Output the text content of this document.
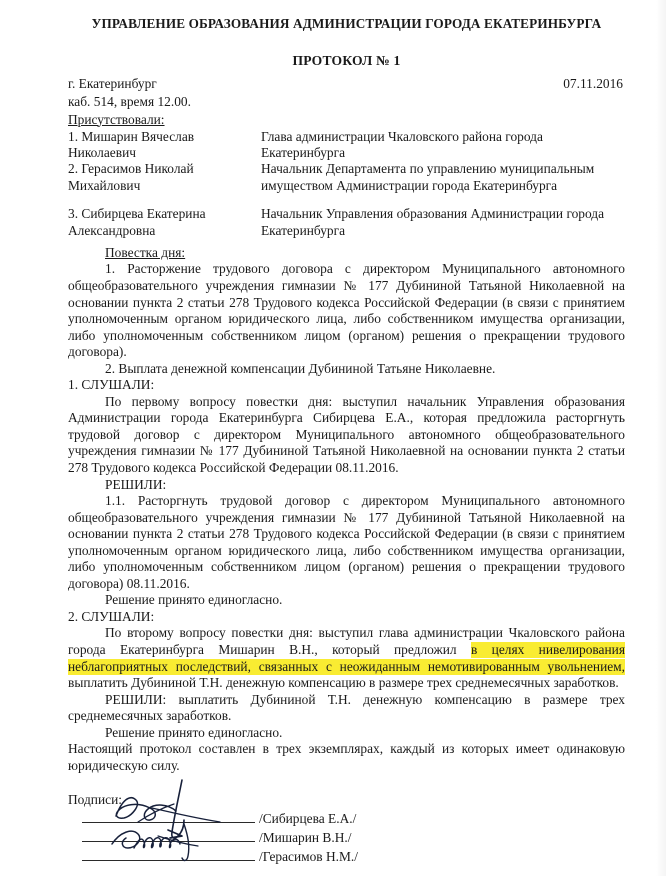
УПРАВЛЕНИЕ ОБРАЗОВАНИЯ АДМИНИСТРАЦИИ ГОРОДА ЕКАТЕРИНБУРГА
ПРОТОКОЛ № 1
г. Екатеринбург	07.11.2016
каб. 514, время 12.00.
Присутствовали:
1. Мишарин Вячеслав Николаевич	Глава администрации Чкаловского района города Екатеринбурга
2. Герасимов Николай Михайлович	Начальник Департамента по управлению муниципальным имуществом Администрации города Екатеринбурга

3. Сибирцева Екатерина Александровна	Начальник Управления образования Администрации города Екатеринбурга
Повестка дня:

1. Расторжение трудового договора с директором Муниципального автономного общеобразовательного учреждения гимназии № 177 Дубининой Татьяной Николаевной на основании пункта 2 статьи 278 Трудового кодекса Российской Федерации (в связи с принятием уполномоченным органом юридического лица, либо собственником имущества организации, либо уполномоченным собственником лицом (органом) решения о прекращении трудового договора).

2. Выплата денежной компенсации Дубининой Татьяне Николаевне.

1. СЛУШАЛИ:

По первому вопросу повестки дня: выступил начальник Управления образования Администрации города Екатеринбурга Сибирцева Е.А., которая предложила расторгнуть трудовой договор с директором Муниципального автономного общеобразовательного учреждения гимназии № 177 Дубининой Татьяной Николаевной на основании пункта 2 статьи 278 Трудового кодекса Российской Федерации 08.11.2016.

РЕШИЛИ:

1.1. Расторгнуть трудовой договор с директором Муниципального автономного общеобразовательного учреждения гимназии № 177 Дубининой Татьяной Николаевной на основании пункта 2 статьи 278 Трудового кодекса Российской Федерации (в связи с принятием уполномоченным органом юридического лица, либо собственником имущества организации, либо уполномоченным собственником лицом (органом) решения о прекращении трудового договора) 08.11.2016.

Решение принято единогласно.

2. СЛУШАЛИ:

По второму вопросу повестки дня: выступил глава администрации Чкаловского района города Екатеринбурга Мишарин В.Н., который предложил в целях нивелирования неблагоприятных последствий, связанных с неожиданным немотивированным увольнением, выплатить Дубининой Т.Н. денежную компенсацию в размере трех среднемесячных заработков.

РЕШИЛИ: выплатить Дубининой Т.Н. денежную компенсацию в размере трех среднемесячных заработков.

Решение принято единогласно.

Настоящий протокол составлен в трех экземплярах, каждый из которых имеет одинаковую юридическую силу.

Подписи:
/Сибирцева Е.А./
/Мишарин В.Н./
/Герасимов Н.М./
